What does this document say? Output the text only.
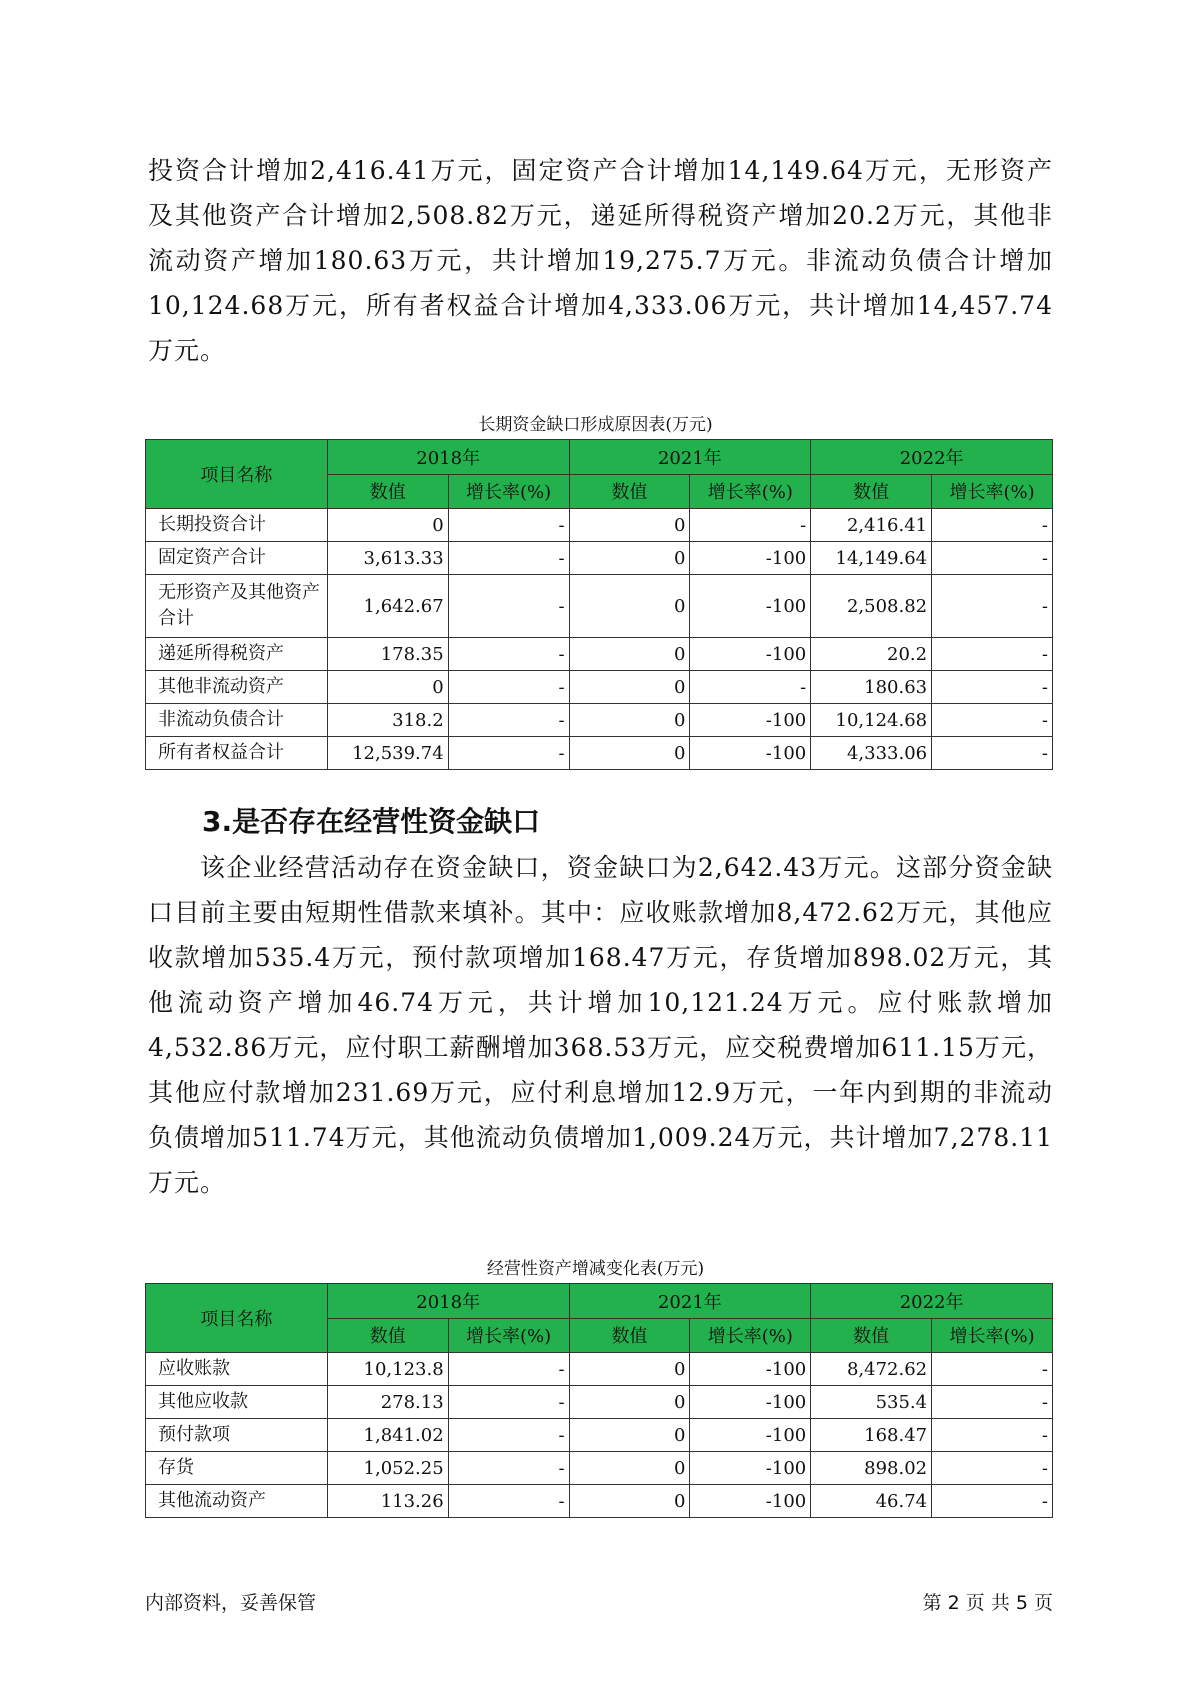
投资合计增加2,416.41万元，固定资产合计增加14,149.64万元，无形资产及其他资产合计增加2,508.82万元，递延所得税资产增加20.2万元，其他非流动资产增加180.63万元，共计增加19,275.7万元。非流动负债合计增加10,124.68万元，所有者权益合计增加4,333.06万元，共计增加14,457.74万元。

长期资金缺口形成原因表(万元)

项目名称	2018年		2021年		2022年	
	数值	增长率(%)	数值	增长率(%)	数值	增长率(%)
长期投资合计	0	-	0	-	2,416.41	-
固定资产合计	3,613.33	-	0	-100	14,149.64	-
无形资产及其他资产合计	1,642.67	-	0	-100	2,508.82	-
递延所得税资产	178.35	-	0	-100	20.2	-
其他非流动资产	0	-	0	-	180.63	-
非流动负债合计	318.2	-	0	-100	10,124.68	-
所有者权益合计	12,539.74	-	0	-100	4,333.06	-
3.是否存在经营性资金缺口

该企业经营活动存在资金缺口，资金缺口为2,642.43万元。这部分资金缺口目前主要由短期性借款来填补。其中：应收账款增加8,472.62万元，其他应收款增加535.4万元，预付款项增加168.47万元，存货增加898.02万元，其他流动资产增加46.74万元，共计增加10,121.24万元。应付账款增加4,532.86万元，应付职工薪酬增加368.53万元，应交税费增加611.15万元，其他应付款增加231.69万元，应付利息增加12.9万元，一年内到期的非流动负债增加511.74万元，其他流动负债增加1,009.24万元，共计增加7,278.11万元。

经营性资产增减变化表(万元)

项目名称	2018年		2021年		2022年	
	数值	增长率(%)	数值	增长率(%)	数值	增长率(%)
应收账款	10,123.8	-	0	-100	8,472.62	-
其他应收款	278.13	-	0	-100	535.4	-
预付款项	1,841.02	-	0	-100	168.47	-
存货	1,052.25	-	0	-100	898.02	-
其他流动资产	113.26	-	0	-100	46.74	-

内部资料，妥善保管	第 2 页 共 5 页
